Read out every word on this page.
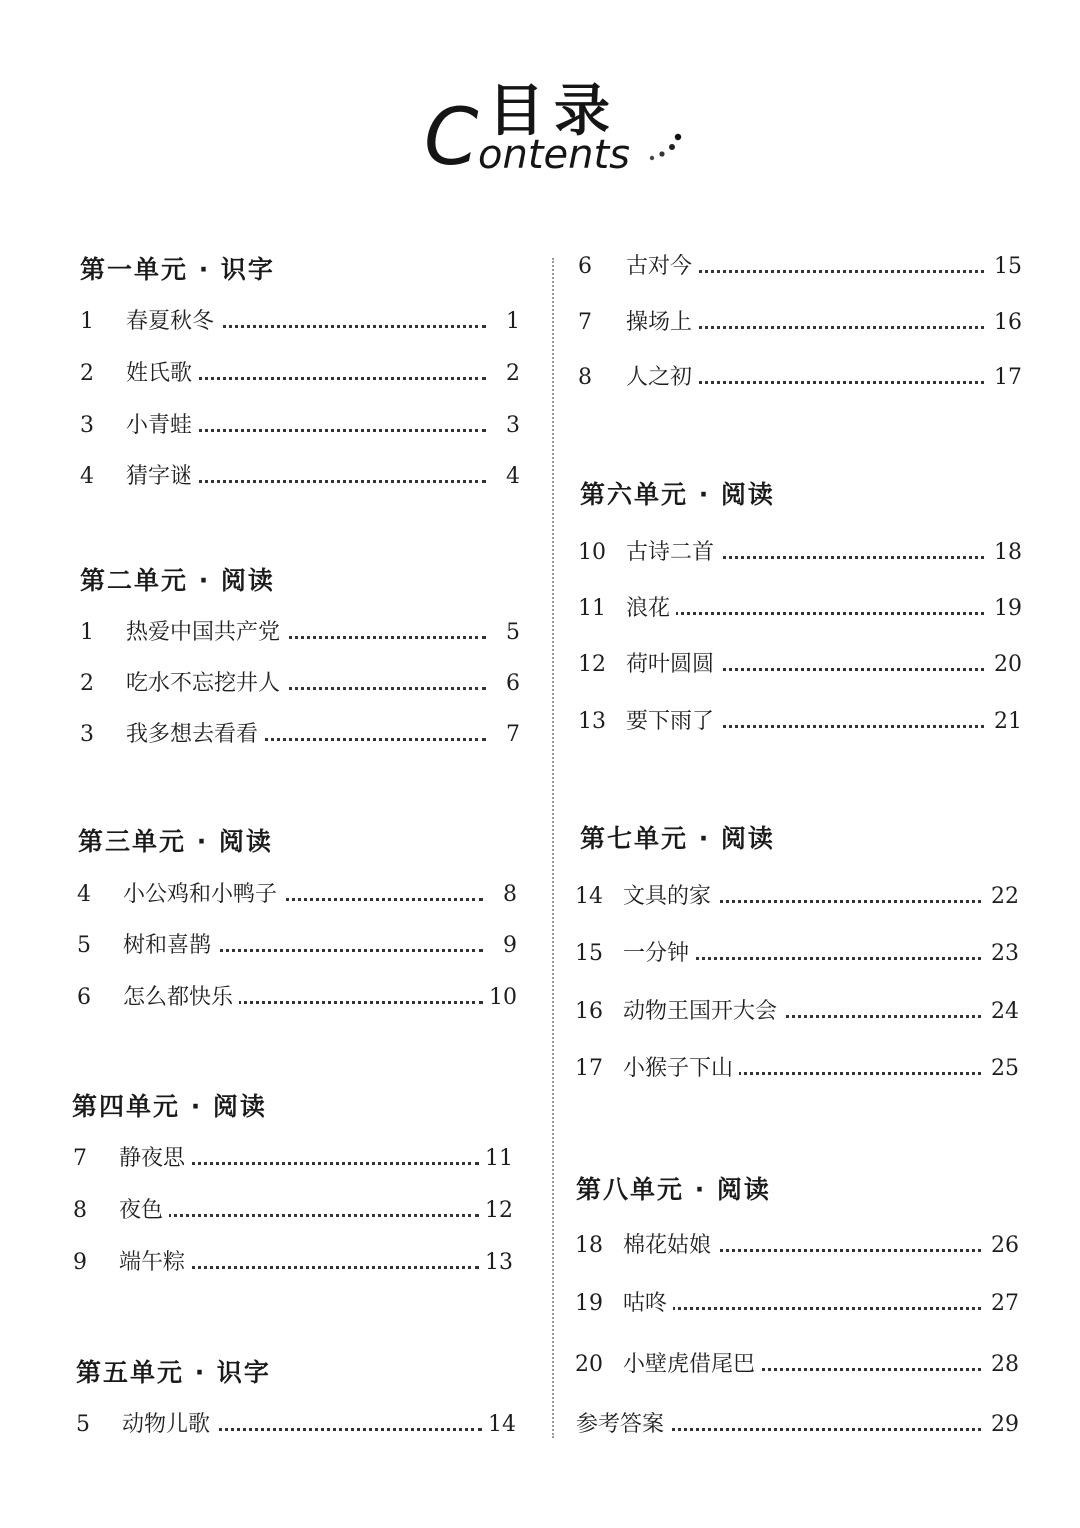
目录
C ontents
第一单元 · 识字
第二单元 · 阅读
第三单元 · 阅读
第四单元 · 阅读
第五单元 · 识字
第六单元 · 阅读
第七单元 · 阅读
第八单元 · 阅读
1	春夏秋冬	1
2	姓氏歌	2
3	小青蛙	3
4	猜字谜	4
1	热爱中国共产党	5
2	吃水不忘挖井人	6
3	我多想去看看	7
4	小公鸡和小鸭子	8
5	树和喜鹊	9
6	怎么都快乐	10
7	静夜思	11
8	夜色	12
9	端午粽	13
5	动物儿歌	14
6	古对今	15
7	操场上	16
8	人之初	17
10 古诗二首	18
11 浪花	19
12 荷叶圆圆	20
13 要下雨了	21
14 文具的家	22
15 一分钟	23
16 动物王国开大会	24
17 小猴子下山	25
18 棉花姑娘	26
19 咕咚	27
20 小壁虎借尾巴	28
参考答案	29
